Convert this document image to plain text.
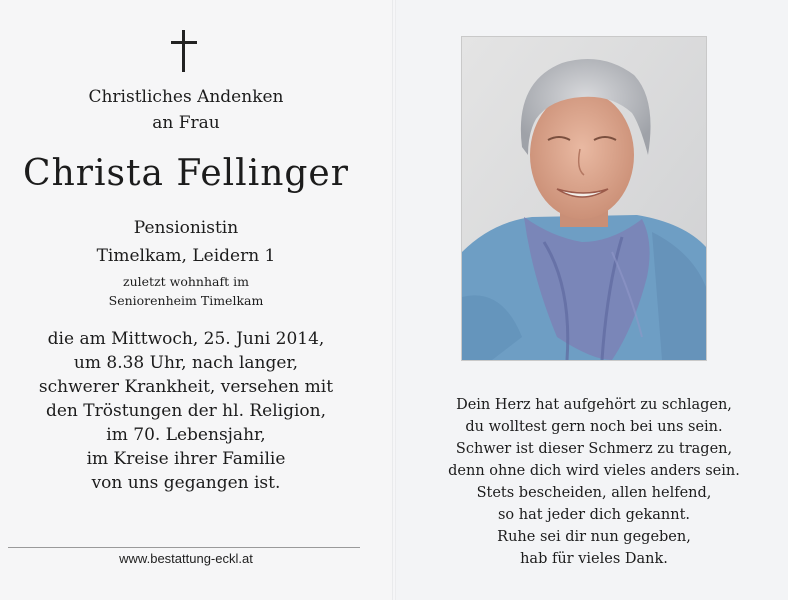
Christliches Andenken
an Frau
Christa Fellinger
Pensionistin
Timelkam, Leidern 1
zuletzt wohnhaft im
Seniorenheim Timelkam
die am Mittwoch, 25. Juni 2014,
um 8.38 Uhr, nach langer,
schwerer Krankheit, versehen mit
den Tröstungen der hl. Religion,
im 70. Lebensjahr,
im Kreise ihrer Familie
von uns gegangen ist.
www.bestattung-eckl.at
Dein Herz hat aufgehört zu schlagen,
du wolltest gern noch bei uns sein.
Schwer ist dieser Schmerz zu tragen,
denn ohne dich wird vieles anders sein.
Stets bescheiden, allen helfend,
so hat jeder dich gekannt.
Ruhe sei dir nun gegeben,
hab für vieles Dank.
